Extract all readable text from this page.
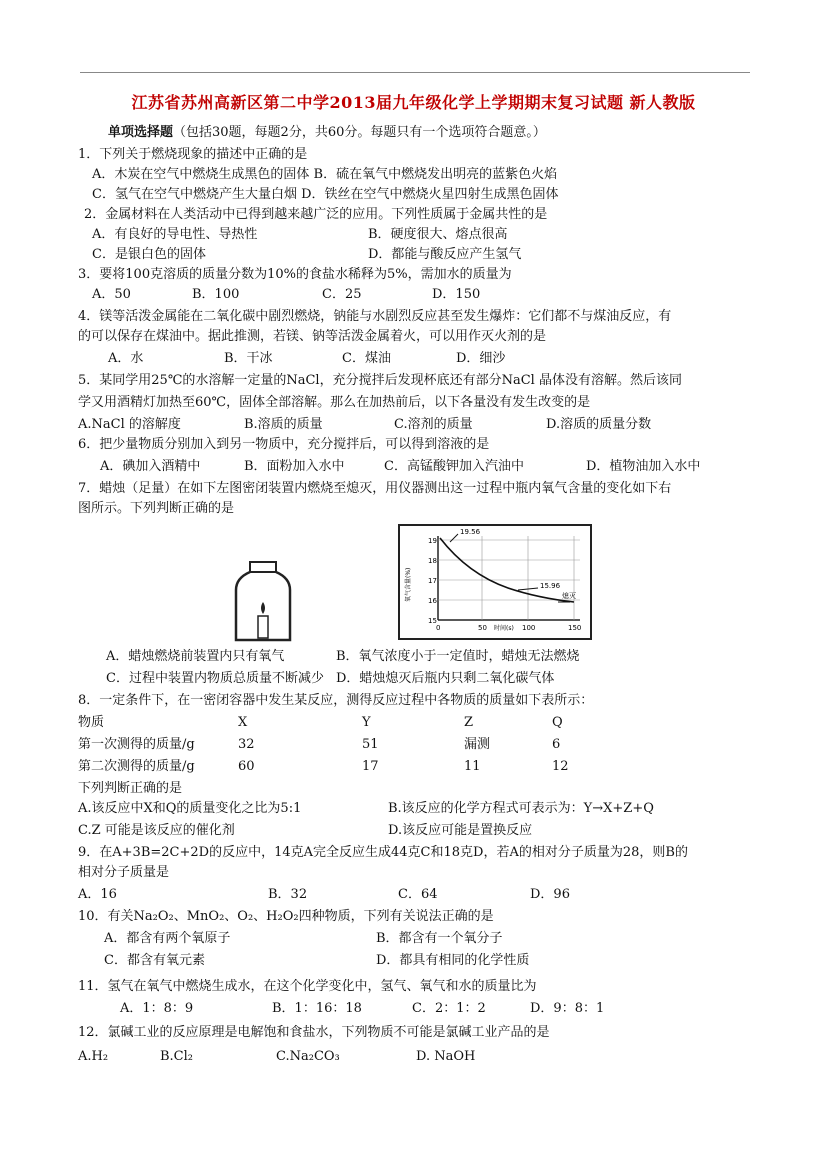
江苏省苏州高新区第二中学2013届九年级化学上学期期末复习试题 新人教版
单项选择题（包括30题，每题2分，共60分。每题只有一个选项符合题意。）
1．下列关于燃烧现象的描述中正确的是
A．木炭在空气中燃烧生成黑色的固体 B．硫在氧气中燃烧发出明亮的蓝紫色火焰
C．氢气在空气中燃烧产生大量白烟 D．铁丝在空气中燃烧火星四射生成黑色固体
2．金属材料在人类活动中已得到越来越广泛的应用。下列性质属于金属共性的是
A．有良好的导电性、导热性	B．硬度很大、熔点很高
C．是银白色的固体	D．都能与酸反应产生氢气
3．要将100克溶质的质量分数为10%的食盐水稀释为5%，需加水的质量为
A．50	B．100	C．25	D．150
4．镁等活泼金属能在二氧化碳中剧烈燃烧，钠能与水剧烈反应甚至发生爆炸：它们都不与煤油反应，有
的可以保存在煤油中。据此推测，若镁、钠等活泼金属着火，可以用作灭火剂的是
A．水	B．干冰	C．煤油	D．细沙
5．某同学用25℃的水溶解一定量的NaCl，充分搅拌后发现杯底还有部分NaCl 晶体没有溶解。然后该同
学又用酒精灯加热至60℃，固体全部溶解。那么在加热前后，以下各量没有发生改变的是
A.NaCl 的溶解度	B.溶质的质量	C.溶剂的质量	D.溶质的质量分数
6．把少量物质分别加入到另一物质中，充分搅拌后，可以得到溶液的是
A．碘加入酒精中	B．面粉加入水中	C．高锰酸钾加入汽油中	D．植物油加入水中
7．蜡烛（足量）在如下左图密闭装置内燃烧至熄灭，用仪器测出这一过程中瓶内氧气含量的变化如下右
图所示。下列判断正确的是
19.56
15.96
熄灭
19
18
17
16
15
0	50	100	150
时间(s)
氧气含量(%)
A．蜡烛燃烧前装置内只有氧气	B．氧气浓度小于一定值时，蜡烛无法燃烧
C．过程中装置内物质总质量不断减少 D．蜡烛熄灭后瓶内只剩二氧化碳气体
8．一定条件下，在一密闭容器中发生某反应，测得反应过程中各物质的质量如下表所示：
物质	X	Y	Z	Q
第一次测得的质量/g	32	51	漏测	6
第二次测得的质量/g	60	17	11	12
下列判断正确的是
A.该反应中X和Q的质量变化之比为5:1	B.该反应的化学方程式可表示为：Y→X+Z+Q
C.Z 可能是该反应的催化剂	D.该反应可能是置换反应
9．在A+3B=2C+2D的反应中，14克A完全反应生成44克C和18克D，若A的相对分子质量为28，则B的
相对分子质量是
A．16	B．32	C．64	D．96
10．有关Na₂O₂、MnO₂、O₂、H₂O₂四种物质，下列有关说法正确的是
A．都含有两个氧原子	B．都含有一个氧分子
C．都含有氧元素	D．都具有相同的化学性质
11．氢气在氧气中燃烧生成水，在这个化学变化中，氢气、氧气和水的质量比为
A．1：8：9	B．1：16：18	C．2：1：2	D．9：8：1
12．氯碱工业的反应原理是电解饱和食盐水，下列物质不可能是氯碱工业产品的是
A.H₂	B.Cl₂	C.Na₂CO₃	D. NaOH
